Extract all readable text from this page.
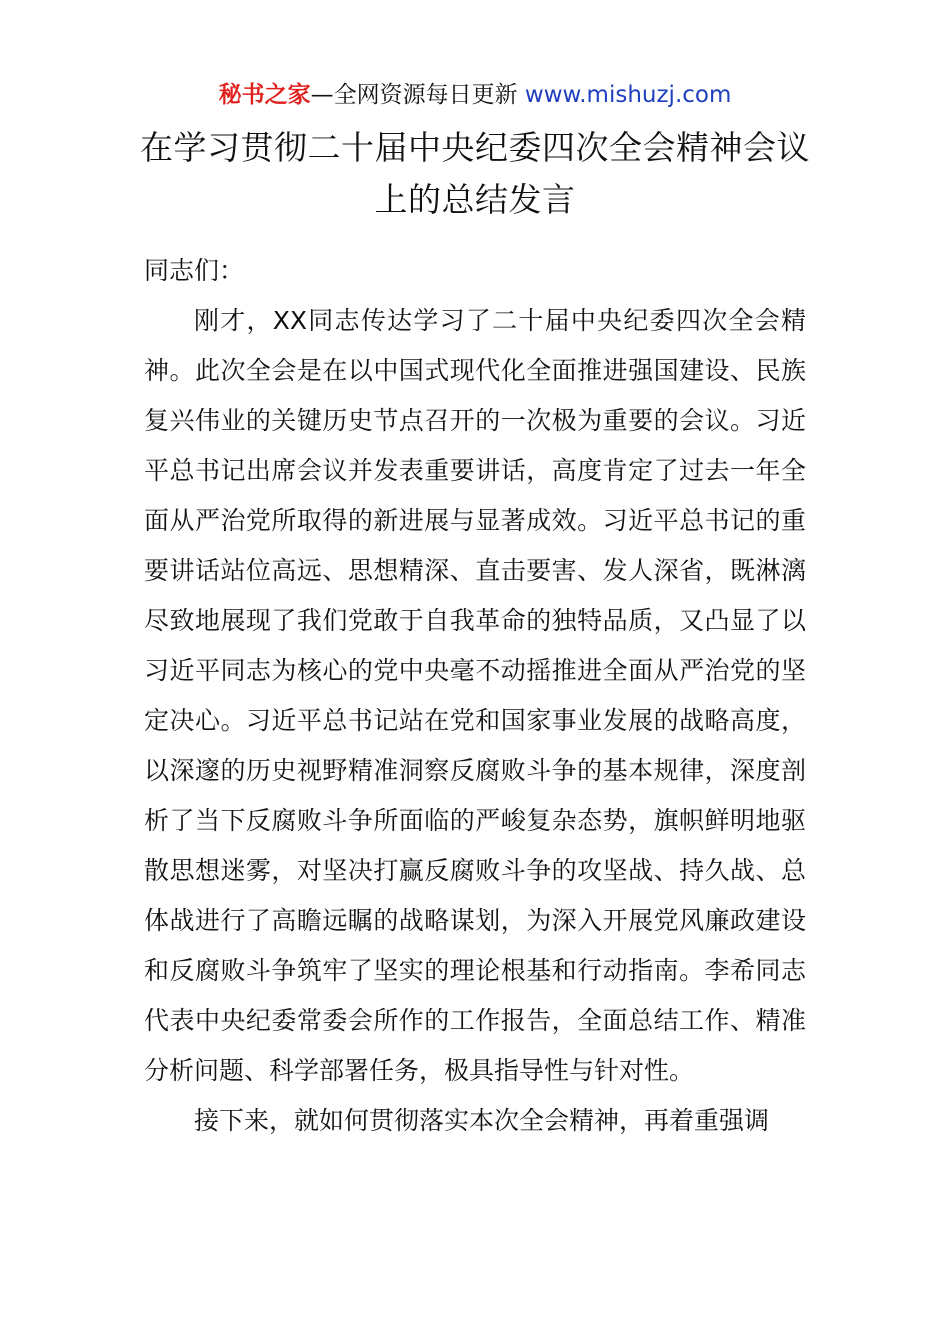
秘书之家—全网资源每日更新 www.mishuzj.com
在学习贯彻二十届中央纪委四次全会精神会议
上的总结发言

同志们：

刚才，XX同志传达学习了二十届中央纪委四次全会精神。此次全会是在以中国式现代化全面推进强国建设、民族复兴伟业的关键历史节点召开的一次极为重要的会议。习近平总书记出席会议并发表重要讲话，高度肯定了过去一年全面从严治党所取得的新进展与显著成效。习近平总书记的重要讲话站位高远、思想精深、直击要害、发人深省，既淋漓尽致地展现了我们党敢于自我革命的独特品质，又凸显了以习近平同志为核心的党中央毫不动摇推进全面从严治党的坚定决心。习近平总书记站在党和国家事业发展的战略高度，以深邃的历史视野精准洞察反腐败斗争的基本规律，深度剖析了当下反腐败斗争所面临的严峻复杂态势，旗帜鲜明地驱散思想迷雾，对坚决打赢反腐败斗争的攻坚战、持久战、总体战进行了高瞻远瞩的战略谋划，为深入开展党风廉政建设和反腐败斗争筑牢了坚实的理论根基和行动指南。李希同志代表中央纪委常委会所作的工作报告，全面总结工作、精准分析问题、科学部署任务，极具指导性与针对性。

接下来，就如何贯彻落实本次全会精神，再着重强调
